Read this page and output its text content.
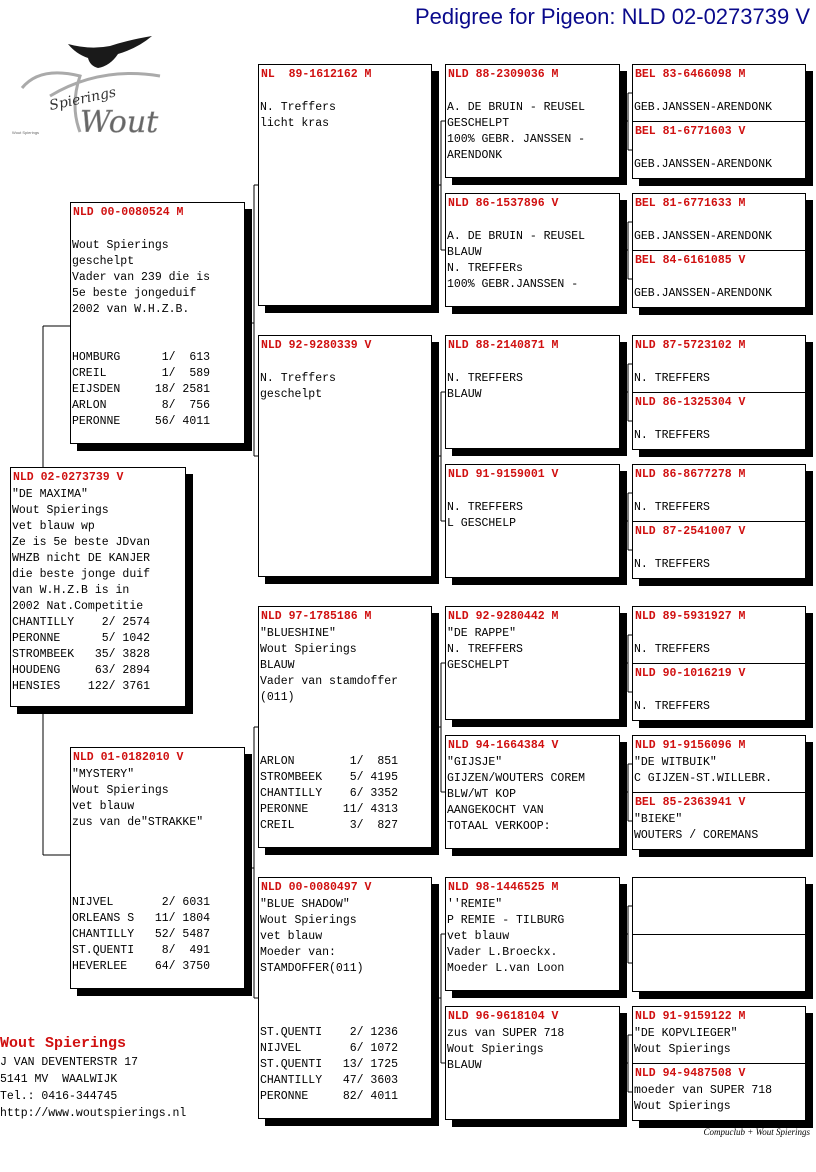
Pedigree for Pigeon: NLD 02-0273739 V
Spierings
Wout
Wout Spierings
NLD 02-0273739 V
"DE MAXIMA"
Wout Spierings
vet blauw wp
Ze is 5e beste JDvan
WHZB nicht DE KANJER
die beste jonge duif
van W.H.Z.B is in
2002 Nat.Competitie
CHANTILLY    2/ 2574
PERONNE      5/ 1042
STROMBEEK   35/ 3828
HOUDENG     63/ 2894
HENSIES    122/ 3761
NLD 00-0080524 M
Wout Spierings
geschelpt
Vader van 239 die is
5e beste jongeduif
2002 van W.H.Z.B.
HOMBURG      1/  613
CREIL        1/  589
EIJSDEN     18/ 2581
ARLON        8/  756
PERONNE     56/ 4011
NLD 01-0182010 V
"MYSTERY"
Wout Spierings
vet blauw
zus van de"STRAKKE"
NIJVEL       2/ 6031
ORLEANS S   11/ 1804
CHANTILLY   52/ 5487
ST.QUENTI    8/  491
HEVERLEE    64/ 3750
NL  89-1612162 M
N. Treffers
licht kras
NLD 92-9280339 V
N. Treffers
geschelpt
NLD 97-1785186 M
"BLUESHINE"
Wout Spierings
BLAUW
Vader van stamdoffer
(011)
ARLON        1/  851
STROMBEEK    5/ 4195
CHANTILLY    6/ 3352
PERONNE     11/ 4313
CREIL        3/  827
NLD 00-0080497 V
"BLUE SHADOW"
Wout Spierings
vet blauw
Moeder van:
STAMDOFFER(011)
ST.QUENTI    2/ 1236
NIJVEL       6/ 1072
ST.QUENTI   13/ 1725
CHANTILLY   47/ 3603
PERONNE     82/ 4011
NLD 88-2309036 M
A. DE BRUIN - REUSEL
GESCHELPT
100% GEBR. JANSSEN -
ARENDONK
NLD 86-1537896 V
A. DE BRUIN - REUSEL
BLAUW
N. TREFFERs
100% GEBR.JANSSEN -
NLD 88-2140871 M
N. TREFFERS
BLAUW
NLD 91-9159001 V
N. TREFFERS
L GESCHELP
NLD 92-9280442 M
"DE RAPPE"
N. TREFFERS
GESCHELPT
NLD 94-1664384 V
"GIJSJE"
GIJZEN/WOUTERS COREM
BLW/WT KOP
AANGEKOCHT VAN
TOTAAL VERKOOP:
NLD 98-1446525 M
''REMIE"
P REMIE - TILBURG
vet blauw
Vader L.Broeckx.
Moeder L.van Loon
NLD 96-9618104 V
zus van SUPER 718
Wout Spierings
BLAUW
BEL 83-6466098 M
GEB.JANSSEN-ARENDONK
BEL 81-6771603 V
GEB.JANSSEN-ARENDONK
BEL 81-6771633 M
GEB.JANSSEN-ARENDONK
BEL 84-6161085 V
GEB.JANSSEN-ARENDONK
NLD 87-5723102 M
N. TREFFERS
NLD 86-1325304 V
N. TREFFERS
NLD 86-8677278 M
N. TREFFERS
NLD 87-2541007 V
N. TREFFERS
NLD 89-5931927 M
N. TREFFERS
NLD 90-1016219 V
N. TREFFERS
NLD 91-9156096 M
"DE WITBUIK"
C GIJZEN-ST.WILLEBR.
BEL 85-2363941 V
"BIEKE"
WOUTERS / COREMANS
NLD 91-9159122 M
"DE KOPVLIEGER"
Wout Spierings
NLD 94-9487508 V
moeder van SUPER 718
Wout Spierings
Wout Spierings
J VAN DEVENTERSTR 17
5141 MV  WAALWIJK
Tel.: 0416-344745
http://www.woutspierings.nl
Compuclub + Wout Spierings
